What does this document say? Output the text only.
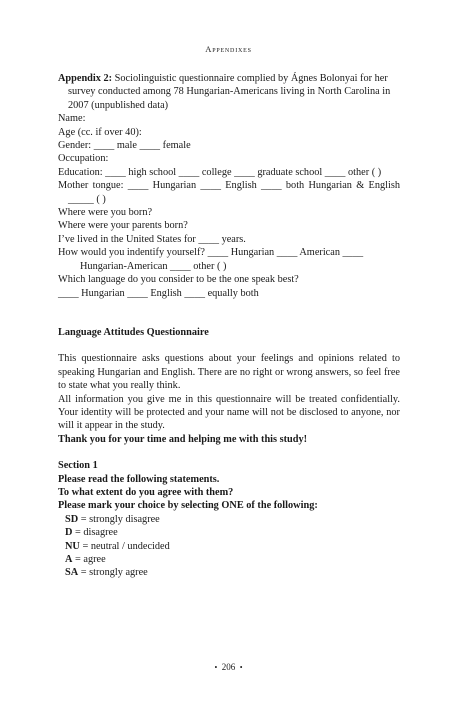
Appendixes

Appendix 2: Sociolinguistic questionnaire complied by Ágnes Bolonyai for her survey conducted among 78 Hungarian-Americans living in North Carolina in 2007 (unpublished data)

Name:

Age (cc. if over 40):

Gender: ____ male ____ female

Occupation:

Education: ____ high school ____ college ____ graduate school ____ other ( )

Mother tongue: ____ Hungarian ____ English ____ both Hungarian & English _____ ( )

Where were you born?

Where were your parents born?

I’ve lived in the United States for ____ years.

How would you indentify yourself? ____ Hungarian ____ American ____ Hungarian-American ____ other ( )

Which language do you consider to be the one speak best?

____ Hungarian ____ English ____ equally both

Language Attitudes Questionnaire

This questionnaire asks questions about your feelings and opinions related to speaking Hungarian and English. There are no right or wrong answers, so feel free to state what you really think.

All information you give me in this questionnaire will be treated confidentially. Your identity will be protected and your name will not be disclosed to anyone, nor will it appear in the study.

Thank you for your time and helping me with this study!

Section 1

Please read the following statements.

To what extent do you agree with them?

Please mark your choice by selecting ONE of the following:

SD = strongly disagree

D = disagree

NU = neutral / undecided

A = agree

SA = strongly agree

• 206 •
